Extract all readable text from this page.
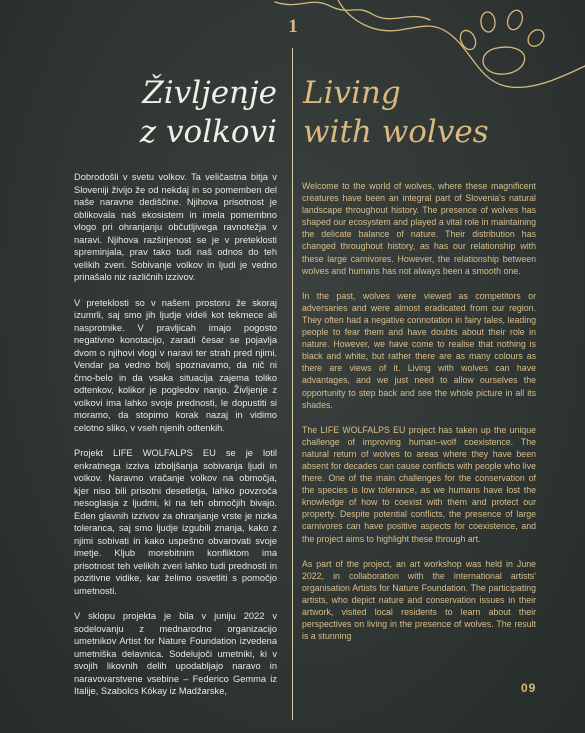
1
Življenje
z volkovi
Living
with wolves

Dobrodošli v svetu volkov. Ta veličastna bitja v Sloveniji živijo že od nekdaj in so pomemben del naše naravne dediščine. Njihova prisotnost je oblikovala naš ekosistem in imela pomembno vlogo pri ohranjanju občutljivega ravnotežja v naravi. Njihova razširjenost se je v preteklosti spreminjala, prav tako tudi naš odnos do teh velikih zveri. Sobivanje volkov in ljudi je vedno prinašalo niz različnih izzivov.

V preteklosti so v našem prostoru že skoraj izumrli, saj smo jih ljudje videli kot tekmece ali nasprotnike. V pravljicah imajo pogosto negativno konotacijo, zaradi česar se pojavlja dvom o njihovi vlogi v naravi ter strah pred njimi. Vendar pa vedno bolj spoznavamo, da nič ni črno-belo in da vsaka situacija zajema toliko odtenkov, kolikor je pogledov nanjo. Življenje z volkovi ima lahko svoje prednosti, le dopustiti si moramo, da stopimo korak nazaj in vidimo celotno sliko, v vseh njenih odtenkih.

Projekt LIFE WOLFALPS EU se je lotil enkratnega izziva izboljšanja sobivanja ljudi in volkov. Naravno vračanje volkov na območja, kjer niso bili prisotni desetletja, lahko povzroča nesoglasja z ljudmi, ki na teh območjih bivajo. Eden glavnih izzivov za ohranjanje vrste je nizka toleranca, saj smo ljudje izgubili znanja, kako z njimi sobivati in kako uspešno obvarovati svoje imetje. Kljub morebitnim konfliktom ima prisotnost teh velikih zveri lahko tudi prednosti in pozitivne vidike, kar želimo osvetliti s pomočjo umetnosti.

V sklopu projekta je bila v juniju 2022 v sodelovanju z mednarodno organizacijo umetnikov Artist for Nature Foundation izvedena umetniška delavnica. Sodelujoči umetniki, ki v svojih likovnih delih upodabljajo naravo in naravovarstvene vsebine – Federico Gemma iz Italije, Szabolcs Kókay iz Madžarske,

Welcome to the world of wolves, where these magnificent creatures have been an integral part of Slovenia's natural landscape throughout history. The presence of wolves has shaped our ecosystem and played a vital role in maintaining the delicate balance of nature. Their distribution has changed throughout history, as has our relationship with these large carnivores. However, the relationship between wolves and humans has not always been a smooth one.

In the past, wolves were viewed as competitors or adversaries and were almost eradicated from our region. They often had a negative connotation in fairy tales, leading people to fear them and have doubts about their role in nature. However, we have come to realise that nothing is black and white, but rather there are as many colours as there are views of it. Living with wolves can have advantages, and we just need to allow ourselves the opportunity to step back and see the whole picture in all its shades.

The LIFE WOLFALPS EU project has taken up the unique challenge of improving human–wolf coexistence. The natural return of wolves to areas where they have been absent for decades can cause conflicts with people who live there. One of the main challenges for the conservation of the species is low tolerance, as we humans have lost the knowledge of how to coexist with them and protect our property. Despite potential conflicts, the presence of large carnivores can have positive aspects for coexistence, and the project aims to highlight these through art.

As part of the project, an art workshop was held in June 2022, in collaboration with the international artists' organisation Artists for Nature Foundation. The participating artists, who depict nature and conservation issues in their artwork, visited local residents to learn about their perspectives on living in the presence of wolves. The result is a stunning

09
